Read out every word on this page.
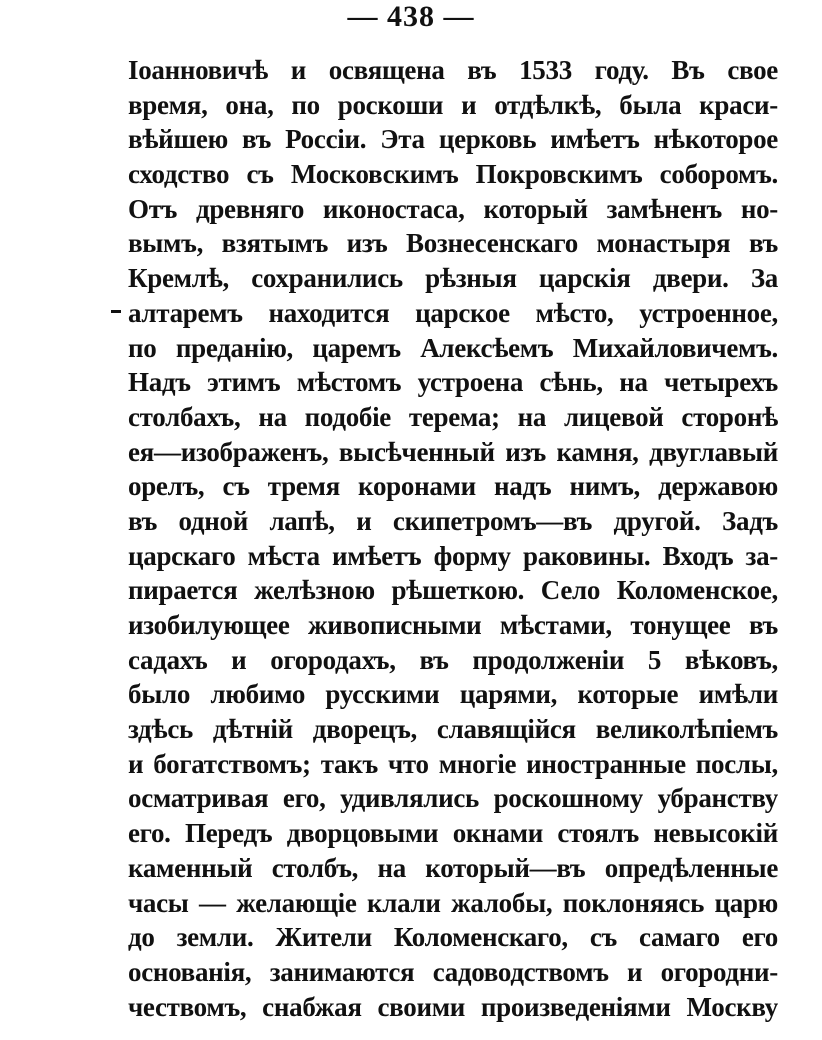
— 438 —
Іоанновичѣ и освящена въ 1533 году. Въ свое
время, она, по роскоши и отдѣлкѣ, была краси-
вѣйшею въ Россіи. Эта церковь имѣетъ нѣкоторое
сходство съ Московскимъ Покровскимъ соборомъ.
Отъ древняго иконостаса, который замѣненъ но-
вымъ, взятымъ изъ Вознесенскаго монастыря въ
Кремлѣ, сохранились рѣзныя царскія двери. За
алтаремъ находится царское мѣсто, устроенное,
по преданію, царемъ Алексѣемъ Михайловичемъ.
Надъ этимъ мѣстомъ устроена сѣнь, на четырехъ
столбахъ, на подобіе терема; на лицевой сторонѣ
ея—изображенъ, высѣченный изъ камня, двуглавый
орелъ, съ тремя коронами надъ нимъ, державою
въ одной лапѣ, и скипетромъ—въ другой. Задъ
царскаго мѣста имѣетъ форму раковины. Входъ за-
пирается желѣзною рѣшеткою. Село Коломенское,
изобилующее живописными мѣстами, тонущее въ
садахъ и огородахъ, въ продолженіи 5 вѣковъ,
было любимо русскими царями, которые имѣли
здѣсь дѣтній дворецъ, славящійся великолѣпіемъ
и богатствомъ; такъ что многіе иностранные послы,
осматривая его, удивлялись роскошному убранству
его. Передъ дворцовыми окнами стоялъ невысокій
каменный столбъ, на который—въ опредѣленные
часы — желающіе клали жалобы, поклоняясь царю
до земли. Жители Коломенскаго, съ самаго его
основанія, занимаются садоводствомъ и огородни-
чествомъ, снабжая своими произведеніями Москву
